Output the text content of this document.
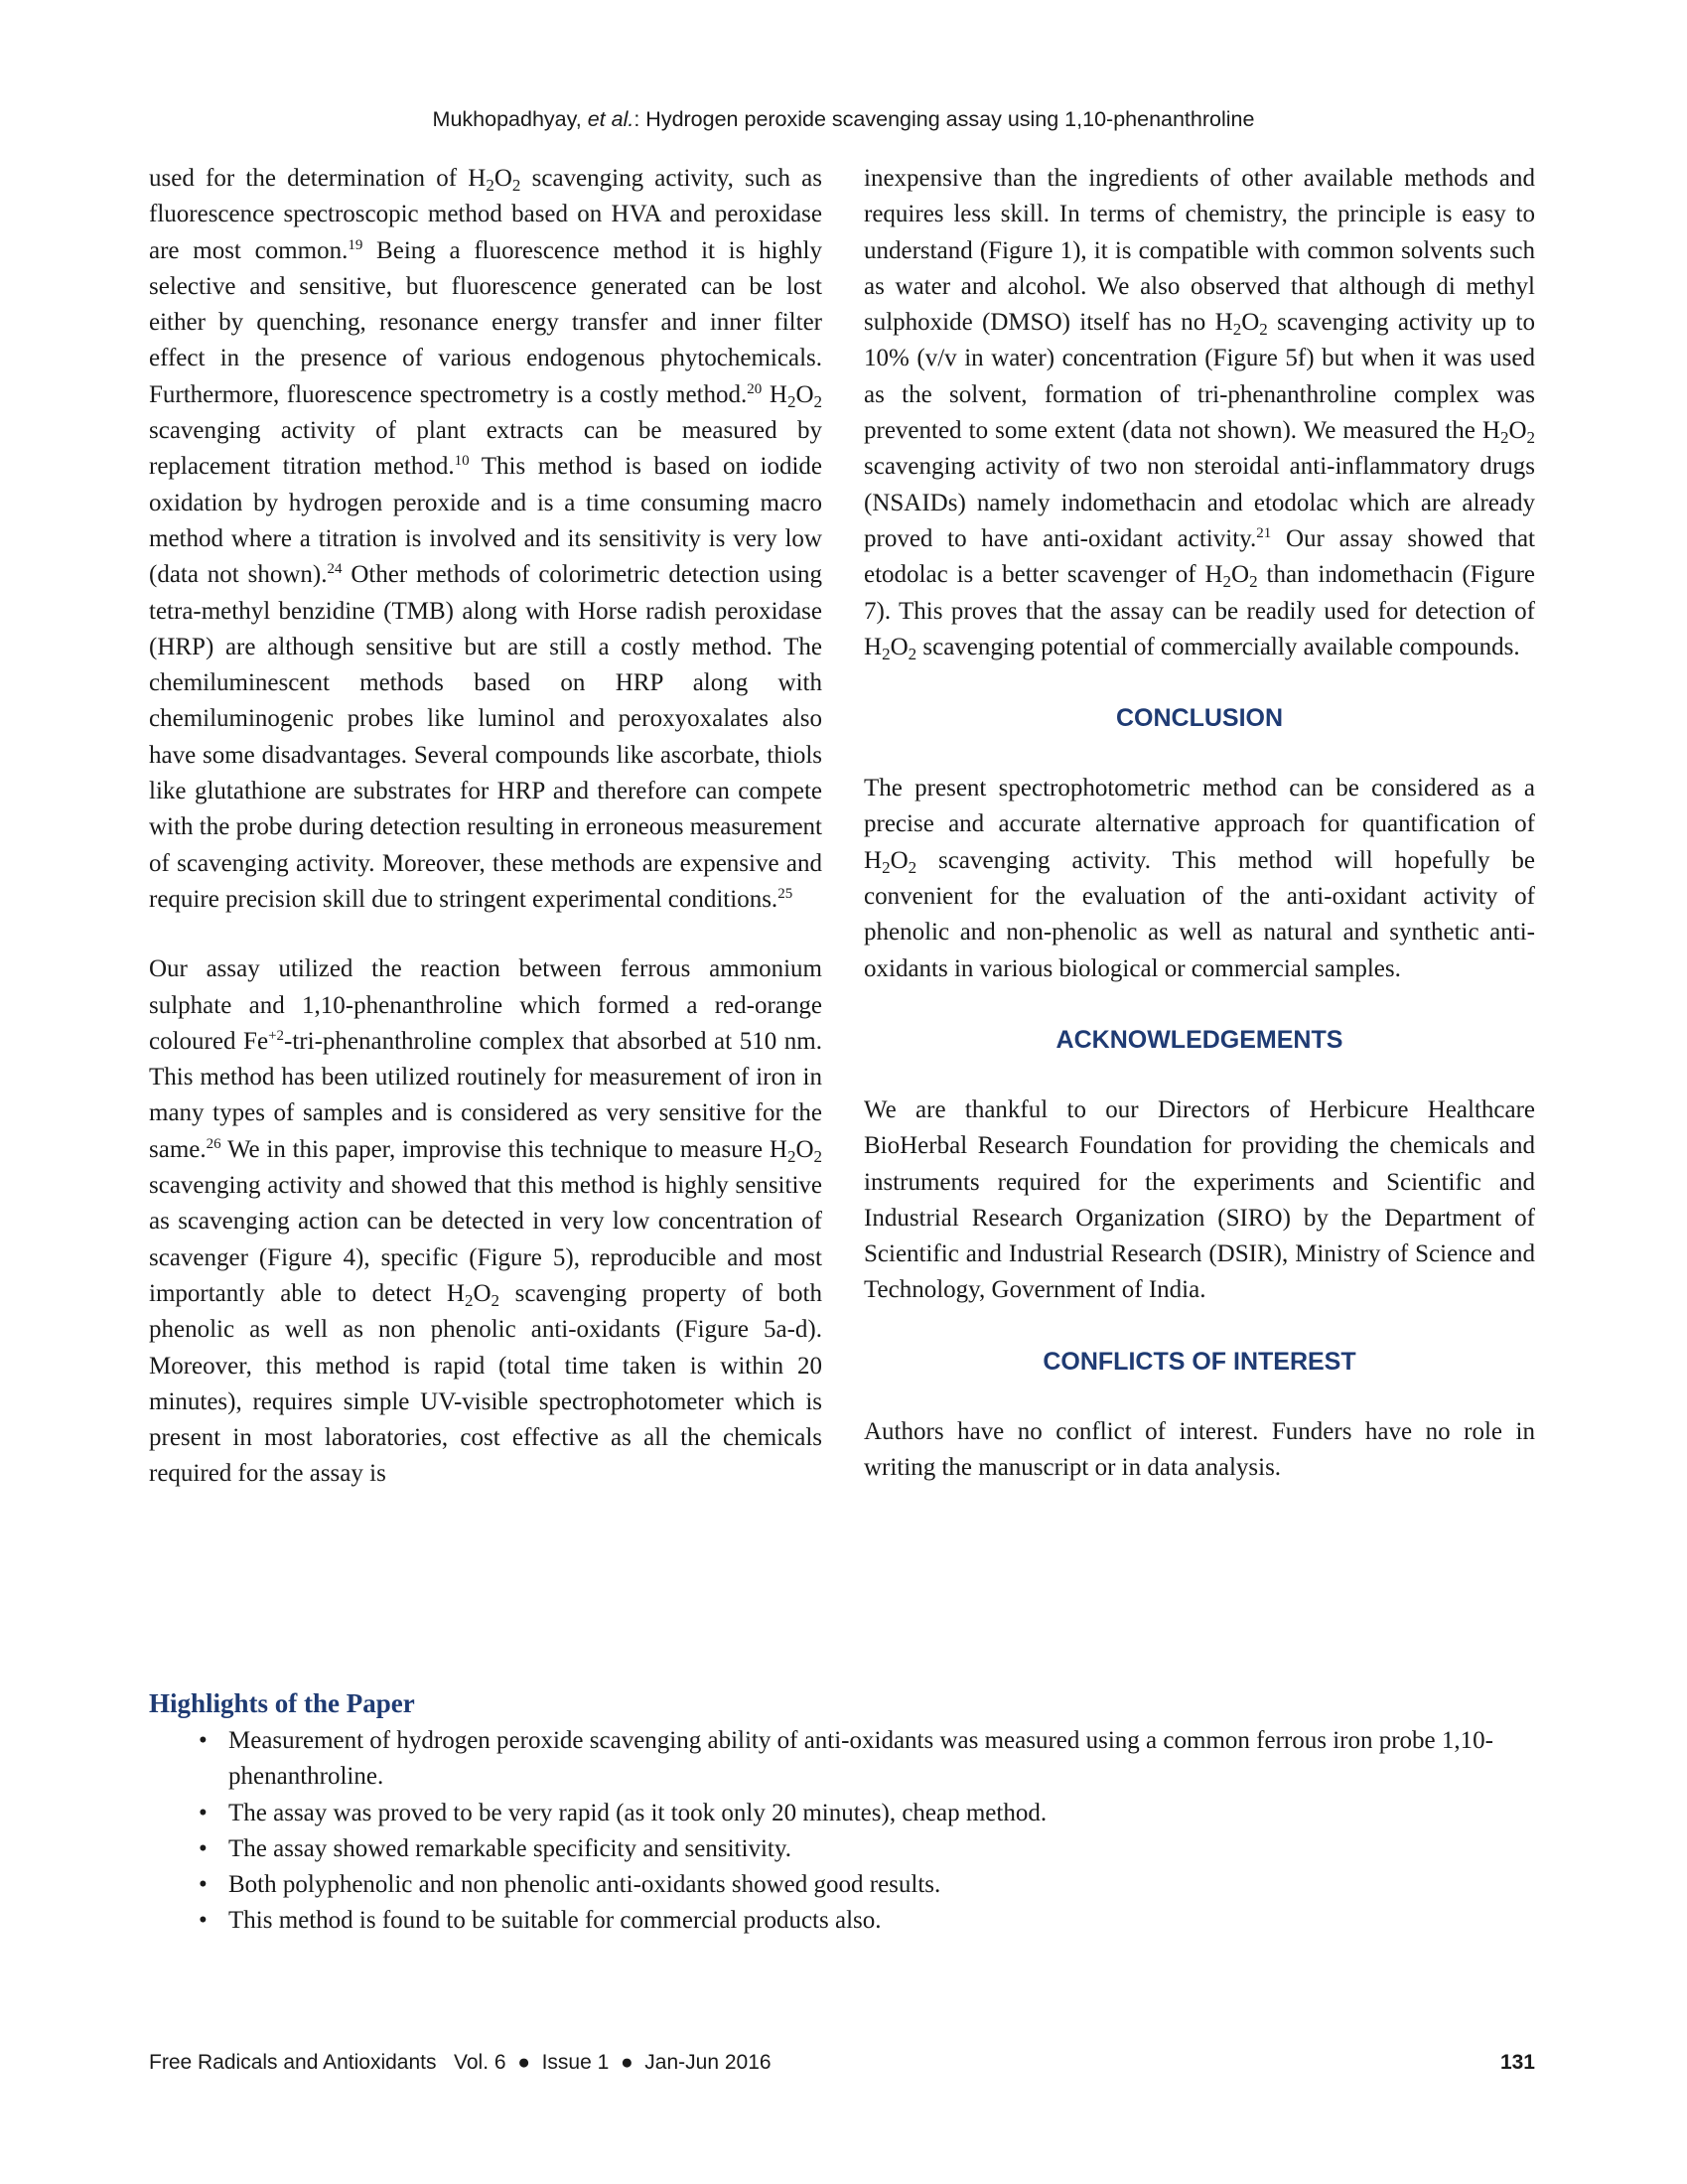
Mukhopadhyay, et al.: Hydrogen peroxide scavenging assay using 1,10-phenanthroline

used for the determination of $H_2O_2$ scavenging activity, such as fluorescence spectroscopic method based on HVA and peroxidase are most common.$^{19}$ Being a fluorescence method it is highly selective and sensitive, but fluorescence generated can be lost either by quenching, resonance energy transfer and inner filter effect in the presence of various endogenous phytochemicals. Furthermore, fluorescence spectrometry is a costly method.$^{20}$ $H_2O_2$ scavenging activity of plant extracts can be measured by replacement titration method.$^{10}$ This method is based on iodide oxidation by hydrogen peroxide and is a time consuming macro method where a titration is involved and its sensitivity is very low (data not shown).$^{24}$ Other methods of colorimetric detection using tetra-methyl benzidine (TMB) along with Horse radish peroxidase (HRP) are although sensitive but are still a costly method. The chemiluminescent methods based on HRP along with chemiluminogenic probes like luminol and peroxyoxalates also have some disadvantages. Several compounds like ascorbate, thiols like glutathione are substrates for HRP and therefore can compete with the probe during detection resulting in erroneous measurement of scavenging activity. Moreover, these methods are expensive and require precision skill due to stringent experimental conditions.$^{25}$

Our assay utilized the reaction between ferrous ammonium sulphate and 1,10-phenanthroline which formed a red-orange coloured $Fe^{+2}-tri$-phenanthroline complex that absorbed at 510 nm. This method has been utilized routinely for measurement of iron in many types of samples and is considered as very sensitive for the same.$^{26}$ We in this paper, improvise this technique to measure $H_2O_2$ scavenging activity and showed that this method is highly sensitive as scavenging action can be detected in very low concentration of scavenger (Figure 4), specific (Figure 5), reproducible and most importantly able to detect $H_2O_2$ scavenging property of both phenolic as well as non phenolic anti-oxidants (Figure 5a-d). Moreover, this method is rapid (total time taken is within 20 minutes), requires simple UV-visible spectrophotometer which is present in most laboratories, cost effective as all the chemicals required for the assay is

inexpensive than the ingredients of other available methods and requires less skill. In terms of chemistry, the principle is easy to understand (Figure 1), it is compatible with common solvents such as water and alcohol. We also observed that although di methyl sulphoxide (DMSO) itself has no $H_2O_2$ scavenging activity up to 10% (v/v in water) concentration (Figure 5f) but when it was used as the solvent, formation of tri-phenanthroline complex was prevented to some extent (data not shown). We measured the $H_2O_2$ scavenging activity of two non steroidal anti-inflammatory drugs (NSAIDs) namely indomethacin and etodolac which are already proved to have anti-oxidant activity.$^{21}$ Our assay showed that etodolac is a better scavenger of $H_2O_2$ than indomethacin (Figure 7). This proves that the assay can be readily used for detection of $H_2O_2$ scavenging potential of commercially available compounds.

CONCLUSION

The present spectrophotometric method can be considered as a precise and accurate alternative approach for quantification of $H_2O_2$ scavenging activity. This method will hopefully be convenient for the evaluation of the anti-oxidant activity of phenolic and non-phenolic as well as natural and synthetic anti-oxidants in various biological or commercial samples.

ACKNOWLEDGEMENTS

We are thankful to our Directors of Herbicure Healthcare BioHerbal Research Foundation for providing the chemicals and instruments required for the experiments and Scientific and Industrial Research Organization (SIRO) by the Department of Scientific and Industrial Research (DSIR), Ministry of Science and Technology, Government of India.

CONFLICTS OF INTEREST

Authors have no conflict of interest. Funders have no role in writing the manuscript or in data analysis.

Highlights of the Paper
• Measurement of hydrogen peroxide scavenging ability of anti-oxidants was measured using a common ferrous iron probe 1,10-phenanthroline.
• The assay was proved to be very rapid (as it took only 20 minutes), cheap method.
• The assay showed remarkable specificity and sensitivity.
• Both polyphenolic and non phenolic anti-oxidants showed good results.
• This method is found to be suitable for commercial products also.
Free Radicals and Antioxidants   Vol. 6  ●  Issue 1  ●  Jan-Jun 2016	131
